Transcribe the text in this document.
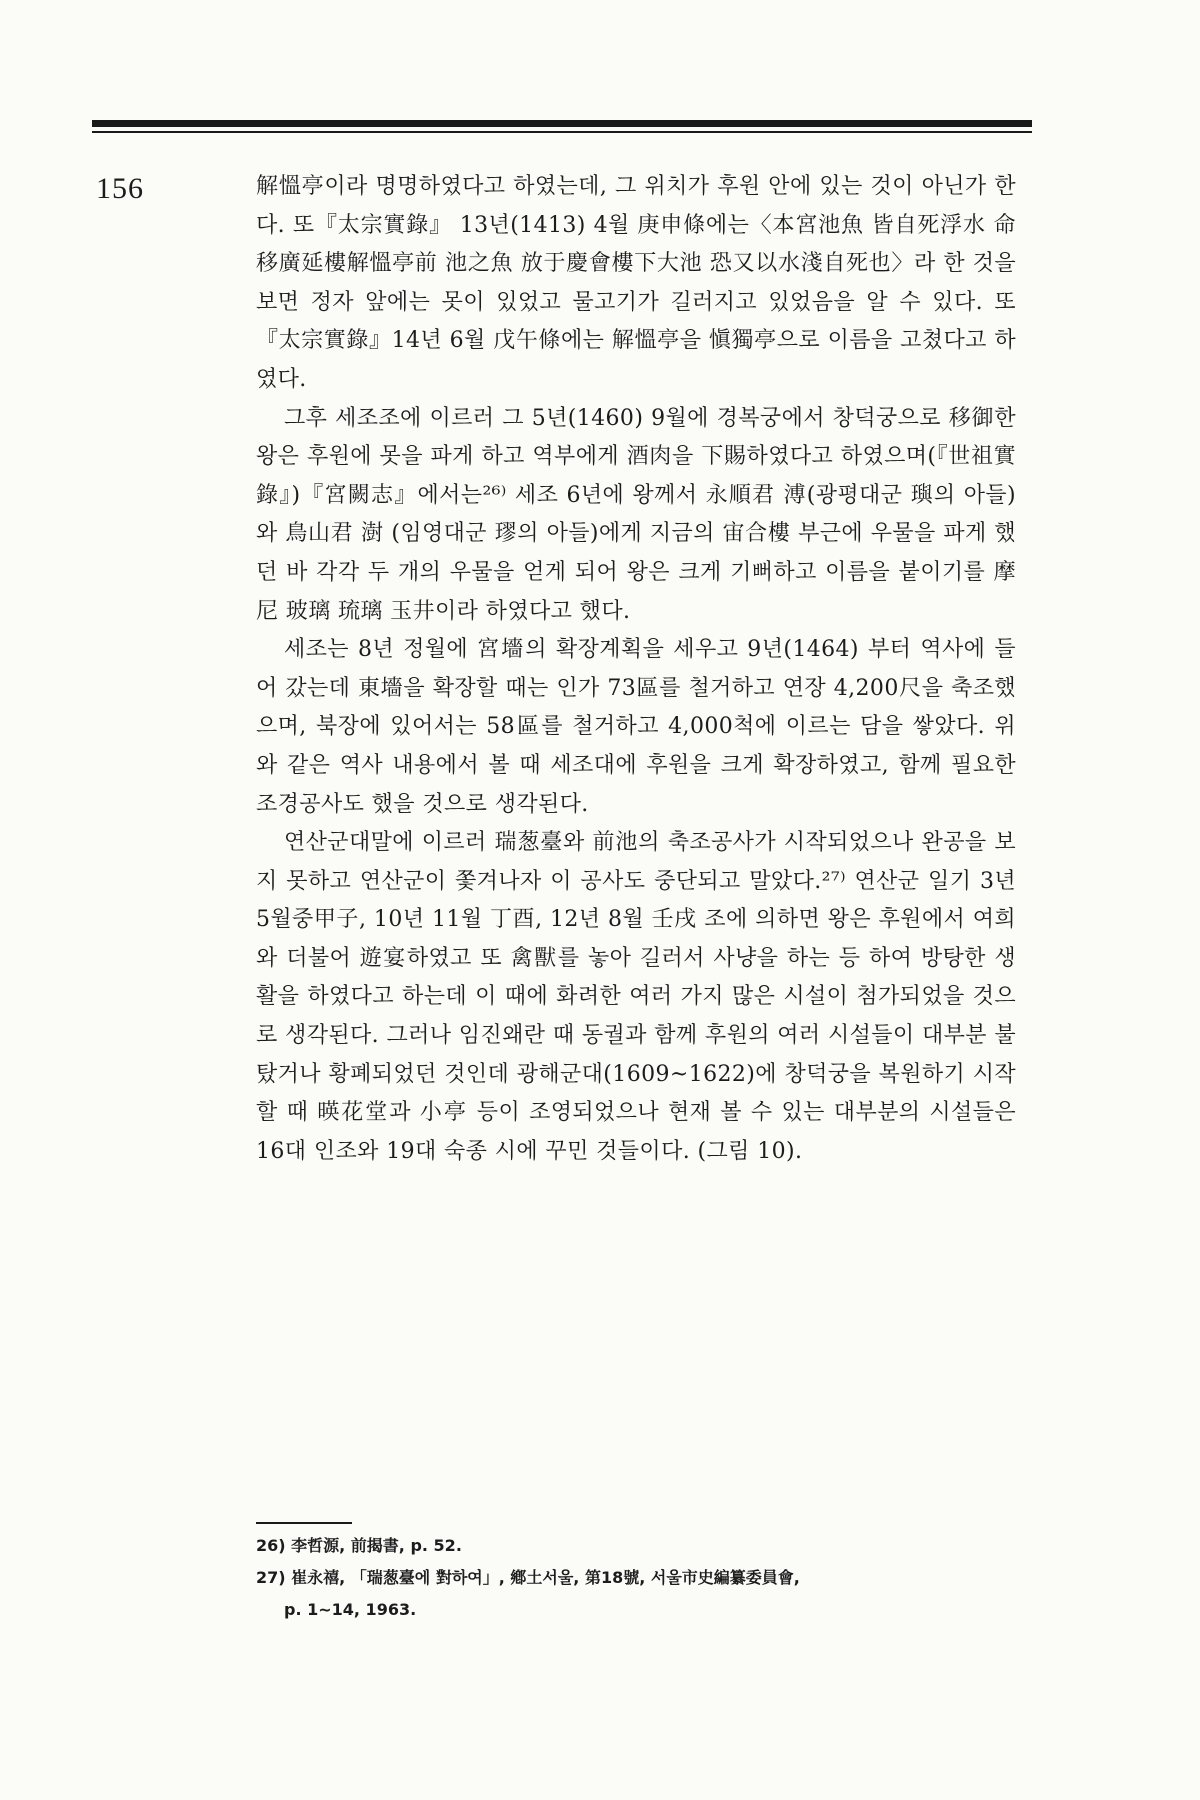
156	解慍亭이라 명명하였다고 하였는데, 그 위치가 후원 안에 있는 것이 아닌가 한다. 또『太宗實錄』 13년(1413) 4월 庚申條에는〈本宮池魚 皆自死浮水 命移廣延樓解慍亭前 池之魚 放于慶會樓下大池 恐又以水淺自死也〉라 한 것을 보면 정자 앞에는 못이 있었고 물고기가 길러지고 있었음을 알 수 있다. 또『太宗實錄』14년 6월 戊午條에는 解慍亭을 愼獨亭으로 이름을 고쳤다고 하였다.

그후 세조조에 이르러 그 5년(1460) 9월에 경복궁에서 창덕궁으로 移御한 왕은 후원에 못을 파게 하고 역부에게 酒肉을 下賜하였다고 하였으며(『世祖實錄』)『宮闕志』에서는²⁶⁾ 세조 6년에 왕께서 永順君 溥(광평대군 璵의 아들)와 鳥山君 澍 (임영대군 璆의 아들)에게 지금의 宙合樓 부근에 우물을 파게 했던 바 각각 두 개의 우물을 얻게 되어 왕은 크게 기뻐하고 이름을 붙이기를 摩尼 玻璃 琉璃 玉井이라 하였다고 했다.

세조는 8년 정월에 宮墻의 확장계획을 세우고 9년(1464) 부터 역사에 들어 갔는데 東墻을 확장할 때는 인가 73區를 철거하고 연장 4,200尺을 축조했으며, 북장에 있어서는 58區를 철거하고 4,000척에 이르는 담을 쌓았다. 위와 같은 역사 내용에서 볼 때 세조대에 후원을 크게 확장하였고, 함께 필요한 조경공사도 했을 것으로 생각된다.

연산군대말에 이르러 瑞葱臺와 前池의 축조공사가 시작되었으나 완공을 보지 못하고 연산군이 쫓겨나자 이 공사도 중단되고 말았다.²⁷⁾ 연산군 일기 3년 5월중甲子, 10년 11월 丁酉, 12년 8월 壬戌 조에 의하면 왕은 후원에서 여희와 더불어 遊宴하였고 또 禽獸를 놓아 길러서 사냥을 하는 등 하여 방탕한 생활을 하였다고 하는데 이 때에 화려한 여러 가지 많은 시설이 첨가되었을 것으로 생각된다. 그러나 임진왜란 때 동궐과 함께 후원의 여러 시설들이 대부분 불탔거나 황폐되었던 것인데 광해군대(1609~1622)에 창덕궁을 복원하기 시작할 때 暎花堂과 小亭 등이 조영되었으나 현재 볼 수 있는 대부분의 시설들은 16대 인조와 19대 숙종 시에 꾸민 것들이다. (그림 10).

26) 李哲源, 前揭書, p. 52.

27) 崔永禧, 「瑞葱臺에 對하여」, 鄕土서울, 第18號, 서울市史編纂委員會,

p. 1~14, 1963.
